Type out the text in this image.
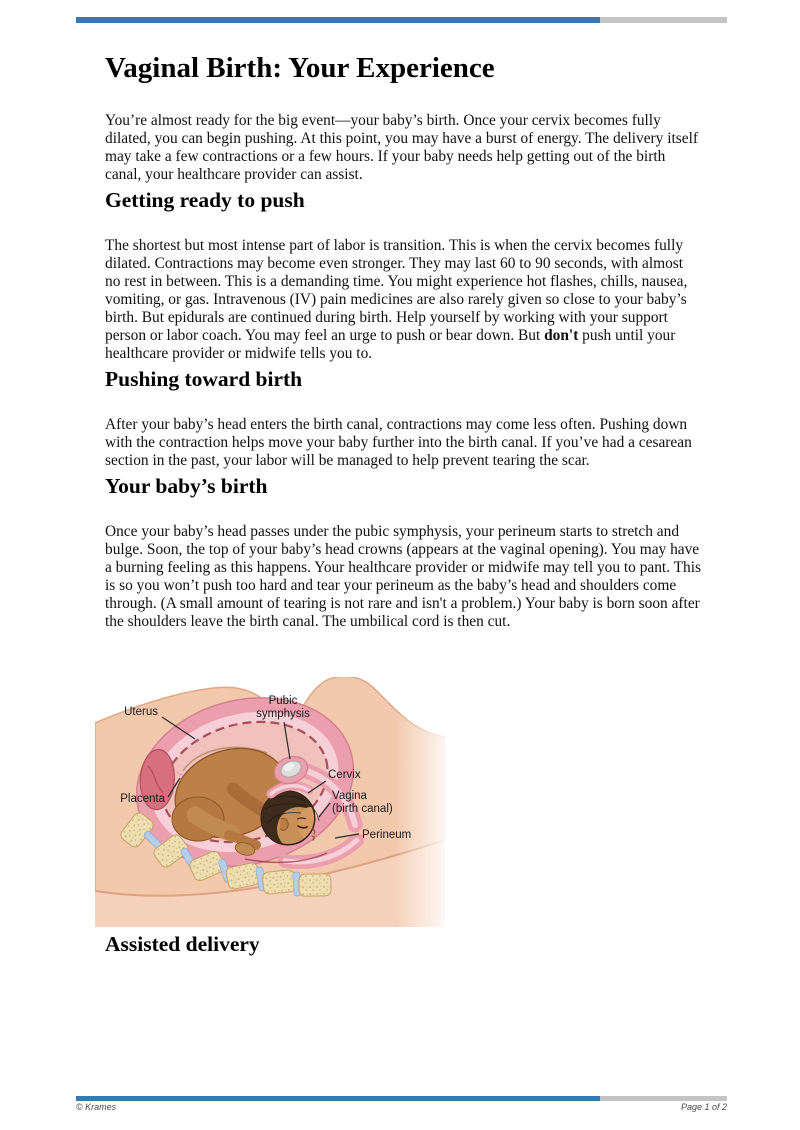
Vaginal Birth: Your Experience

You’re almost ready for the big event—your baby’s birth. Once your cervix becomes fully dilated, you can begin pushing. At this point, you may have a burst of energy. The delivery itself may take a few contractions or a few hours. If your baby needs help getting out of the birth canal, your healthcare provider can assist.

Getting ready to push

The shortest but most intense part of labor is transition. This is when the cervix becomes fully dilated. Contractions may become even stronger. They may last 60 to 90 seconds, with almost no rest in between. This is a demanding time. You might experience hot flashes, chills, nausea, vomiting, or gas. Intravenous (IV) pain medicines are also rarely given so close to your baby’s birth. But epidurals are continued during birth. Help yourself by working with your support person or labor coach. You may feel an urge to push or bear down. But don't push until your healthcare provider or midwife tells you to.

Pushing toward birth

After your baby’s head enters the birth canal, contractions may come less often. Pushing down with the contraction helps move your baby further into the birth canal. If you’ve had a cesarean section in the past, your labor will be managed to help prevent tearing the scar.

Your baby’s birth

Once your baby’s head passes under the pubic symphysis, your perineum starts to stretch and bulge. Soon, the top of your baby’s head crowns (appears at the vaginal opening). You may have a burning feeling as this happens. Your healthcare provider or midwife may tell you to pant. This is so you won’t push too hard and tear your perineum as the baby’s head and shoulders come through. (A small amount of tearing is not rare and isn't a problem.) Your baby is born soon after the shoulders leave the birth canal. The umbilical cord is then cut.

Uterus
Pubic
symphysis
Placenta
Cervix
Vagina
(birth canal)
Perineum
Assisted delivery
© Krames	Page 1 of 2
